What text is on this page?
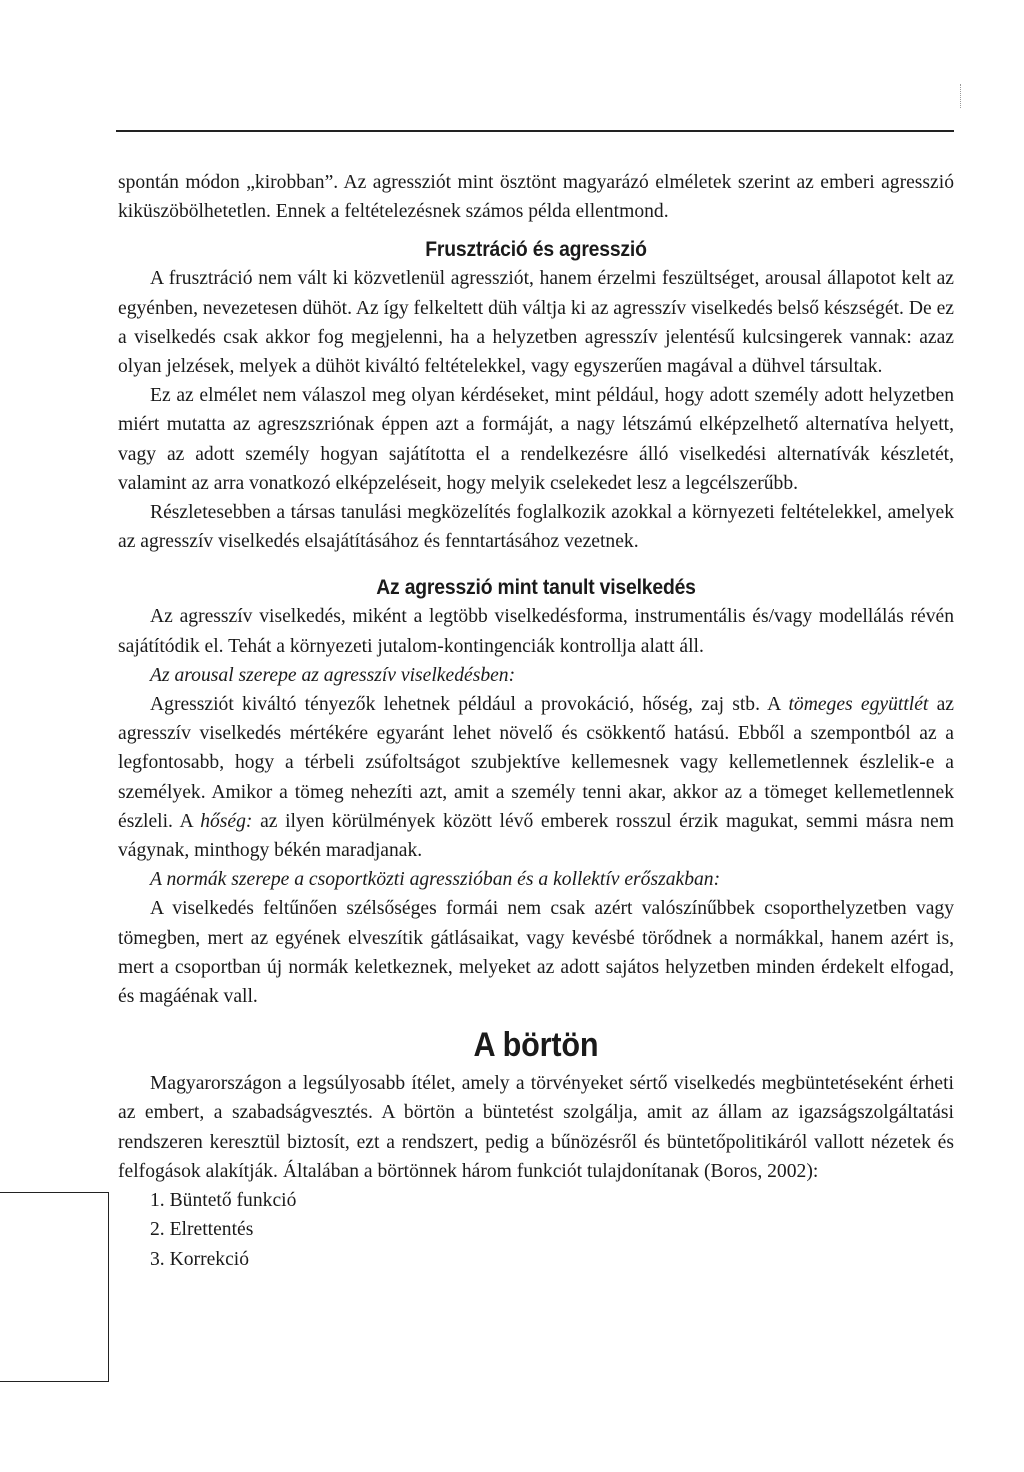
spontán módon „kirobban”. Az agressziót mint ösztönt magyarázó elméletek szerint az emberi agresszió kiküszöbölhetetlen. Ennek a feltételezésnek számos példa ellentmond.

Frusztráció és agresszió

A frusztráció nem vált ki közvetlenül agressziót, hanem érzelmi feszültséget, arousal állapotot kelt az egyénben, nevezetesen dühöt. Az így felkeltett düh váltja ki az agresszív viselkedés belső készségét. De ez a viselkedés csak akkor fog megjelenni, ha a helyzetben agresszív jelentésű kulcsingerek vannak: azaz olyan jelzések, melyek a dühöt kiváltó feltételekkel, vagy egyszerűen magával a dühvel társultak.

Ez az elmélet nem válaszol meg olyan kérdéseket, mint például, hogy adott személy adott helyzetben miért mutatta az agreszszriónak éppen azt a formáját, a nagy létszámú elképzelhető alternatíva helyett, vagy az adott személy hogyan sajátította el a rendelkezésre álló viselkedési alternatívák készletét, valamint az arra vonatkozó elképzeléseit, hogy melyik cselekedet lesz a legcélszerűbb.

Részletesebben a társas tanulási megközelítés foglalkozik azokkal a környezeti feltételekkel, amelyek az agresszív viselkedés elsajátításához és fenntartásához vezetnek.

Az agresszió mint tanult viselkedés

Az agresszív viselkedés, miként a legtöbb viselkedésforma, instrumentális és/vagy modellálás révén sajátítódik el. Tehát a környezeti jutalom-kontingenciák kontrollja alatt áll.

Az arousal szerepe az agresszív viselkedésben:

Agressziót kiváltó tényezők lehetnek például a provokáció, hőség, zaj stb. A tömeges együttlét az agresszív viselkedés mértékére egyaránt lehet növelő és csökkentő hatású. Ebből a szempontból az a legfontosabb, hogy a térbeli zsúfoltságot szubjektíve kellemesnek vagy kellemetlennek észlelik-e a személyek. Amikor a tömeg nehezíti azt, amit a személy tenni akar, akkor az a tömeget kellemetlennek észleli. A hőség: az ilyen körülmények között lévő emberek rosszul érzik magukat, semmi másra nem vágynak, minthogy békén maradjanak.

A normák szerepe a csoportközti agresszióban és a kollektív erőszakban:

A viselkedés feltűnően szélsőséges formái nem csak azért valószínűbbek csoporthelyzetben vagy tömegben, mert az egyének elveszítik gátlásaikat, vagy kevésbé törődnek a normákkal, hanem azért is, mert a csoportban új normák keletkeznek, melyeket az adott sajátos helyzetben minden érdekelt elfogad, és magáénak vall.

A börtön

Magyarországon a legsúlyosabb ítélet, amely a törvényeket sértő viselkedés megbüntetéseként érheti az embert, a szabadságvesztés. A börtön a büntetést szolgálja, amit az állam az igazságszolgáltatási rendszeren keresztül biztosít, ezt a rendszert, pedig a bűnözésről és büntetőpolitikáról vallott nézetek és felfogások alakítják. Általában a börtönnek három funkciót tulajdonítanak (Boros, 2002):

1. Büntető funkció
2. Elrettentés
3. Korrekció
